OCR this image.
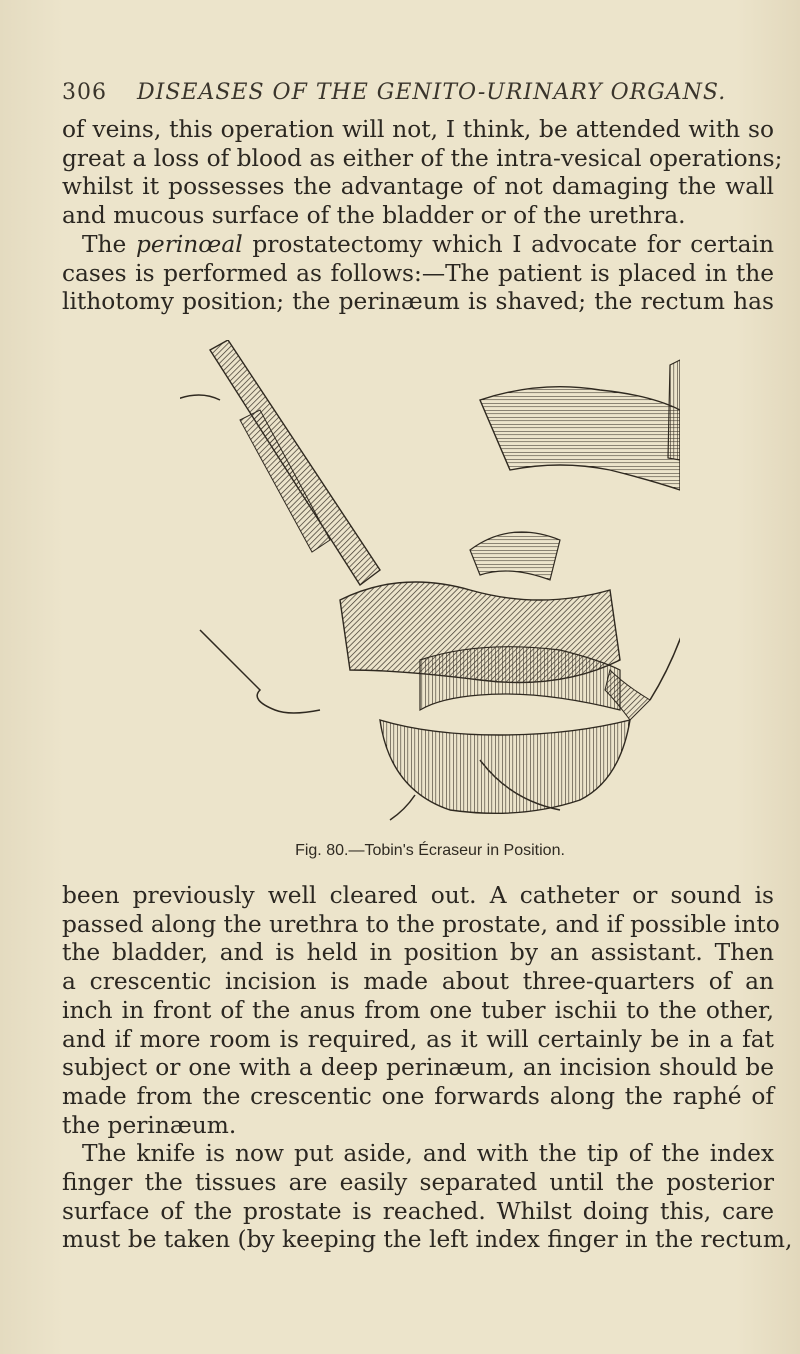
306 DISEASES OF THE GENITO-URINARY ORGANS.
of veins, this operation will not, I think, be attended with so
great a loss of blood as either of the intra-vesical operations;
whilst it possesses the advantage of not damaging the wall
and mucous surface of the bladder or of the urethra.
The perinœal prostatectomy which I advocate for certain
cases is performed as follows:—The patient is placed in the
lithotomy position; the perinæum is shaved; the rectum has
Fig. 80.—Tobin's Écraseur in Position.
been previously well cleared out. A catheter or sound is
passed along the urethra to the prostate, and if possible into
the bladder, and is held in position by an assistant. Then
a crescentic incision is made about three-quarters of an
inch in front of the anus from one tuber ischii to the other,
and if more room is required, as it will certainly be in a fat
subject or one with a deep perinæum, an incision should be
made from the crescentic one forwards along the raphé of
the perinæum.
The knife is now put aside, and with the tip of the index
finger the tissues are easily separated until the posterior
surface of the prostate is reached. Whilst doing this, care
must be taken (by keeping the left index finger in the rectum,
